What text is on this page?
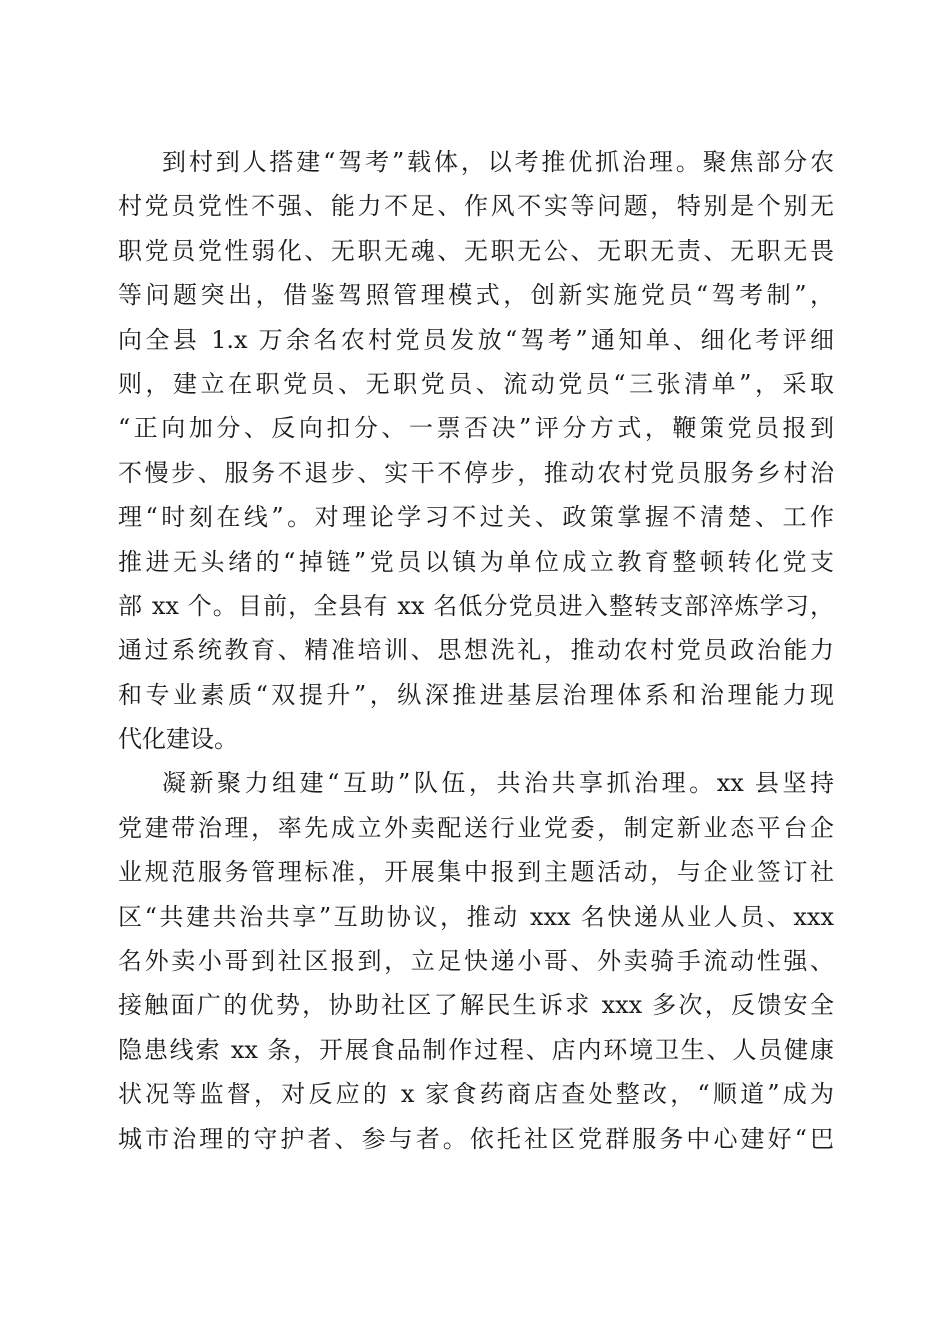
到村到人搭建“驾考”载体，以考推优抓治理。聚焦部分农
村党员党性不强、能力不足、作风不实等问题，特别是个别无
职党员党性弱化、无职无魂、无职无公、无职无责、无职无畏
等问题突出，借鉴驾照管理模式，创新实施党员“驾考制”，
向全县 1.x 万余名农村党员发放“驾考”通知单、细化考评细
则，建立在职党员、无职党员、流动党员“三张清单”，采取
“正向加分、反向扣分、一票否决”评分方式，鞭策党员报到
不慢步、服务不退步、实干不停步，推动农村党员服务乡村治
理“时刻在线”。对理论学习不过关、政策掌握不清楚、工作
推进无头绪的“掉链”党员以镇为单位成立教育整顿转化党支
部 xx 个。目前，全县有 xx 名低分党员进入整转支部淬炼学习，
通过系统教育、精准培训、思想洗礼，推动农村党员政治能力
和专业素质“双提升”，纵深推进基层治理体系和治理能力现
代化建设。
凝新聚力组建“互助”队伍，共治共享抓治理。xx 县坚持
党建带治理，率先成立外卖配送行业党委，制定新业态平台企
业规范服务管理标准，开展集中报到主题活动，与企业签订社
区“共建共治共享”互助协议，推动 xxx 名快递从业人员、xxx
名外卖小哥到社区报到，立足快递小哥、外卖骑手流动性强、
接触面广的优势，协助社区了解民生诉求 xxx 多次，反馈安全
隐患线索 xx 条，开展食品制作过程、店内环境卫生、人员健康
状况等监督，对反应的 x 家食药商店查处整改，“顺道”成为
城市治理的守护者、参与者。依托社区党群服务中心建好“巴
